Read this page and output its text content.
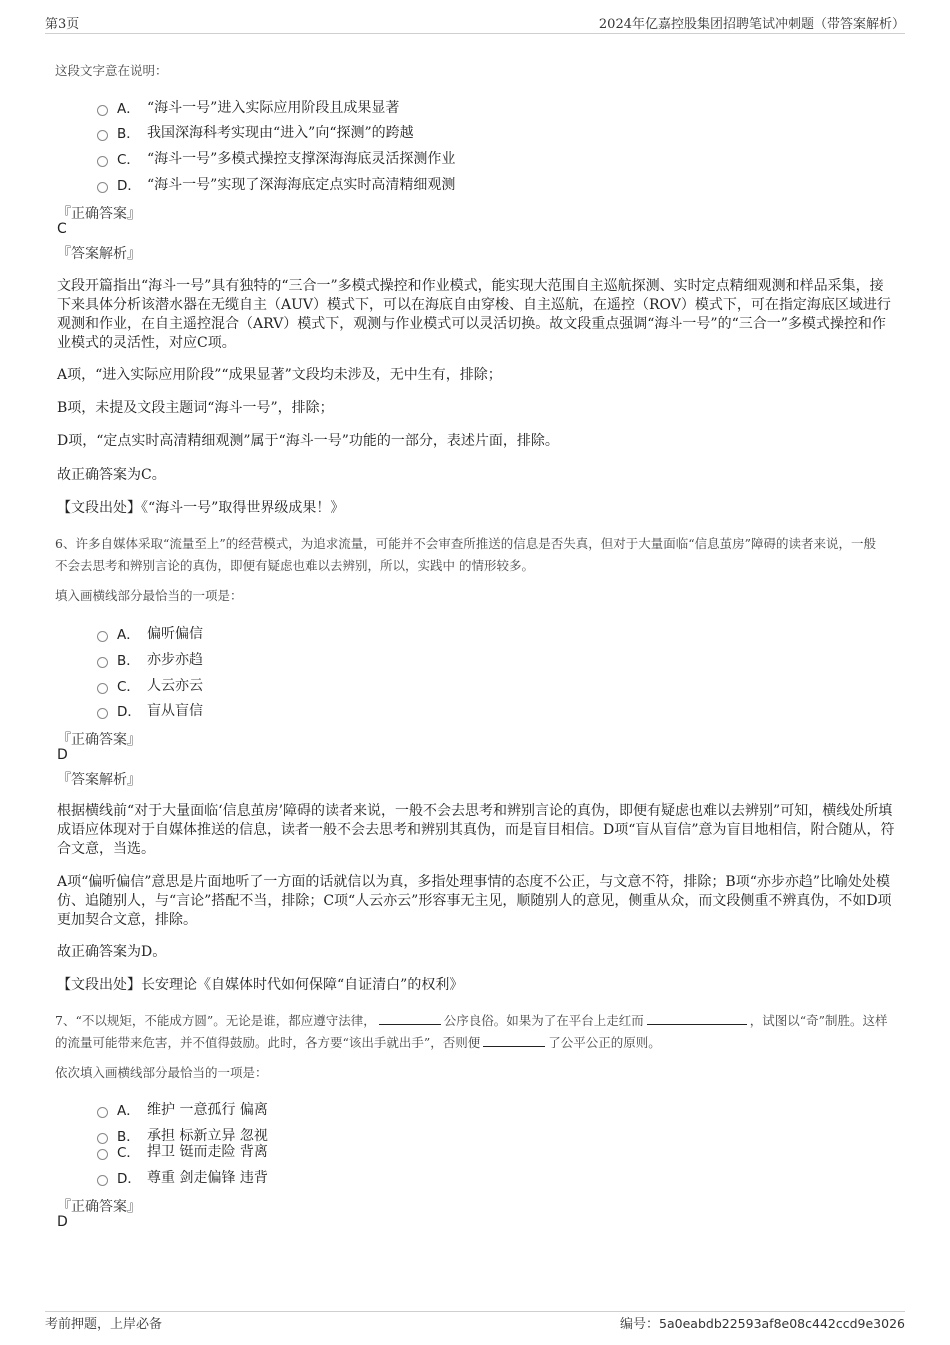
第3页	2024年亿嘉控股集团招聘笔试冲刺题（带答案解析）
这段文字意在说明：
A． “海斗一号”进入实际应用阶段且成果显著
B． 我国深海科考实现由“进入”向“探测”的跨越
C． “海斗一号”多模式操控支撑深海海底灵活探测作业
D． “海斗一号”实现了深海海底定点实时高清精细观测
『正确答案』
C
『答案解析』
文段开篇指出“海斗一号”具有独特的“三合一”多模式操控和作业模式，能实现大范围自主巡航探测、实时定点精细观测和样品采集，接下来具体分析该潜水器在无缆自主（AUV）模式下，可以在海底自由穿梭、自主巡航，在遥控（ROV）模式下，可在指定海底区域进行观测和作业，在自主遥控混合（ARV）模式下，观测与作业模式可以灵活切换。故文段重点强调“海斗一号”的“三合一”多模式操控和作业模式的灵活性，对应C项。
A项，“进入实际应用阶段”“成果显著”文段均未涉及，无中生有，排除；
B项，未提及文段主题词“海斗一号”，排除；
D项，“定点实时高清精细观测”属于“海斗一号”功能的一部分，表述片面，排除。
故正确答案为C。
【文段出处】《“海斗一号”取得世界级成果！》
6、许多自媒体采取“流量至上”的经营模式，为追求流量，可能并不会审查所推送的信息是否失真，但对于大量面临“信息茧房”障碍的读者来说，一般不会去思考和辨别言论的真伪，即便有疑虑也难以去辨别，所以，实践中 的情形较多。
填入画横线部分最恰当的一项是：
A． 偏听偏信
B． 亦步亦趋
C． 人云亦云
D． 盲从盲信
『正确答案』
D
『答案解析』
根据横线前“对于大量面临‘信息茧房’障碍的读者来说，一般不会去思考和辨别言论的真伪，即便有疑虑也难以去辨别”可知，横线处所填成语应体现对于自媒体推送的信息，读者一般不会去思考和辨别其真伪，而是盲目相信。D项“盲从盲信”意为盲目地相信，附合随从，符合文意，当选。
A项“偏听偏信”意思是片面地听了一方面的话就信以为真，多指处理事情的态度不公正，与文意不符，排除；B项“亦步亦趋”比喻处处模仿、追随别人，与“言论”搭配不当，排除；C项“人云亦云”形容事无主见，顺随别人的意见，侧重从众，而文段侧重不辨真伪，不如D项更加契合文意，排除。
故正确答案为D。
【文段出处】长安理论《自媒体时代如何保障“自证清白”的权利》
7、“不以规矩，不能成方圆”。无论是谁，都应遵守法律，	公序良俗。如果为了在平台上走红而	，试图以“奇”制胜。这样的流量可能带来危害，并不值得鼓励。此时，各方要“该出手就出手”，否则便	了公平公正的原则。
依次填入画横线部分最恰当的一项是：
A． 维护 一意孤行 偏离
B． 承担 标新立异 忽视
C． 捍卫 铤而走险 背离
D． 尊重 剑走偏锋 违背
『正确答案』
D
考前押题，上岸必备	编号：5a0eabdb22593af8e08c442ccd9e3026
